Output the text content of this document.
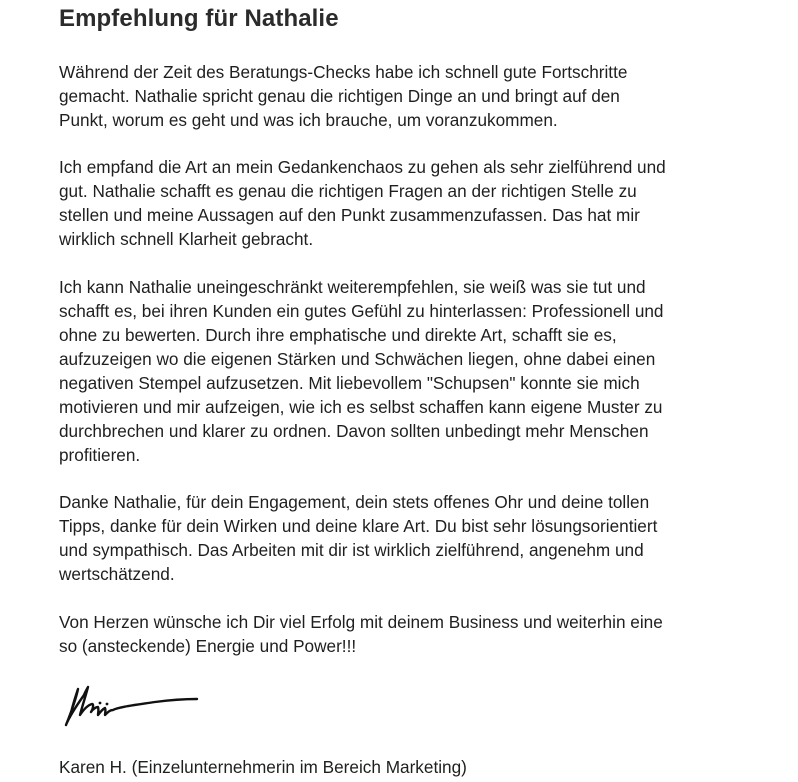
Empfehlung für Nathalie

Während der Zeit des Beratungs-Checks habe ich schnell gute Fortschritte
gemacht. Nathalie spricht genau die richtigen Dinge an und bringt auf den
Punkt, worum es geht und was ich brauche, um voranzukommen.

Ich empfand die Art an mein Gedankenchaos zu gehen als sehr zielführend und
gut. Nathalie schafft es genau die richtigen Fragen an der richtigen Stelle zu
stellen und meine Aussagen auf den Punkt zusammenzufassen. Das hat mir
wirklich schnell Klarheit gebracht.

Ich kann Nathalie uneingeschränkt weiterempfehlen, sie weiß was sie tut und
schafft es, bei ihren Kunden ein gutes Gefühl zu hinterlassen: Professionell und
ohne zu bewerten. Durch ihre emphatische und direkte Art, schafft sie es,
aufzuzeigen wo die eigenen Stärken und Schwächen liegen, ohne dabei einen
negativen Stempel aufzusetzen. Mit liebevollem "Schupsen" konnte sie mich
motivieren und mir aufzeigen, wie ich es selbst schaffen kann eigene Muster zu
durchbrechen und klarer zu ordnen. Davon sollten unbedingt mehr Menschen
profitieren.

Danke Nathalie, für dein Engagement, dein stets offenes Ohr und deine tollen
Tipps, danke für dein Wirken und deine klare Art. Du bist sehr lösungsorientiert
und sympathisch. Das Arbeiten mit dir ist wirklich zielführend, angenehm und
wertschätzend.

Von Herzen wünsche ich Dir viel Erfolg mit deinem Business und weiterhin eine
so (ansteckende) Energie und Power!!!

Karen H. (Einzelunternehmerin im Bereich Marketing)
